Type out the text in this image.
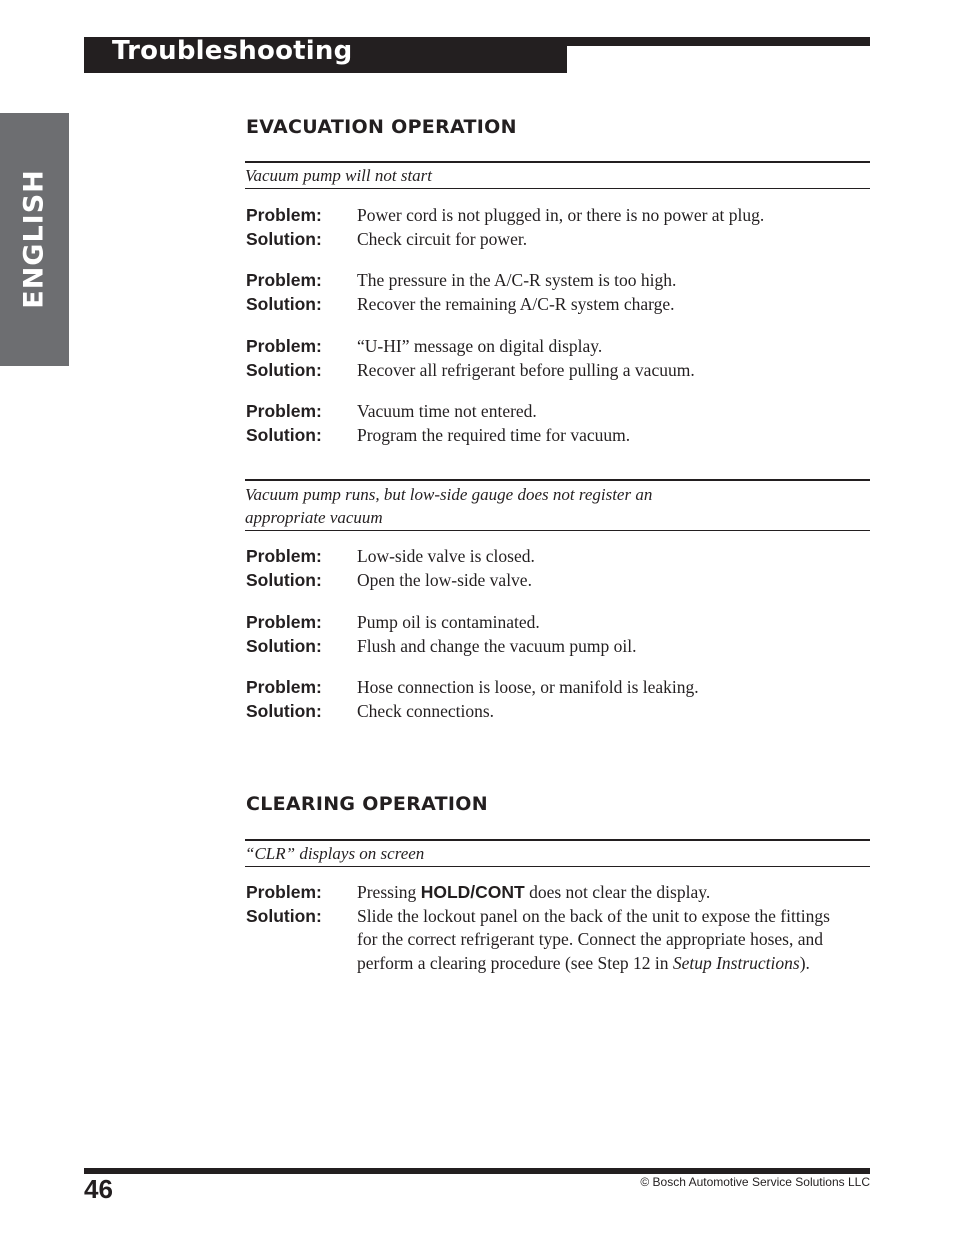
Troubleshooting
ENGLISH
EVACUATION OPERATION
Vacuum pump will not start
Problem: Power cord is not plugged in, or there is no power at plug.
Solution: Check circuit for power.
Problem: The pressure in the A/C-R system is too high.
Solution: Recover the remaining A/C-R system charge.
Problem: “U-HI” message on digital display.
Solution: Recover all refrigerant before pulling a vacuum.
Problem: Vacuum time not entered.
Solution: Program the required time for vacuum.
Vacuum pump runs, but low-side gauge does not register an
appropriate vacuum
Problem: Low-side valve is closed.
Solution: Open the low-side valve.
Problem: Pump oil is contaminated.
Solution: Flush and change the vacuum pump oil.
Problem: Hose connection is loose, or manifold is leaking.
Solution: Check connections.
CLEARING OPERATION
“CLR” displays on screen
Problem: Pressing HOLD/CONT does not clear the display.
Solution: Slide the lockout panel on the back of the unit to expose the fittings
for the correct refrigerant type. Connect the appropriate hoses, and
perform a clearing procedure (see Step 12 in Setup Instructions).
46	© Bosch Automotive Service Solutions LLC
